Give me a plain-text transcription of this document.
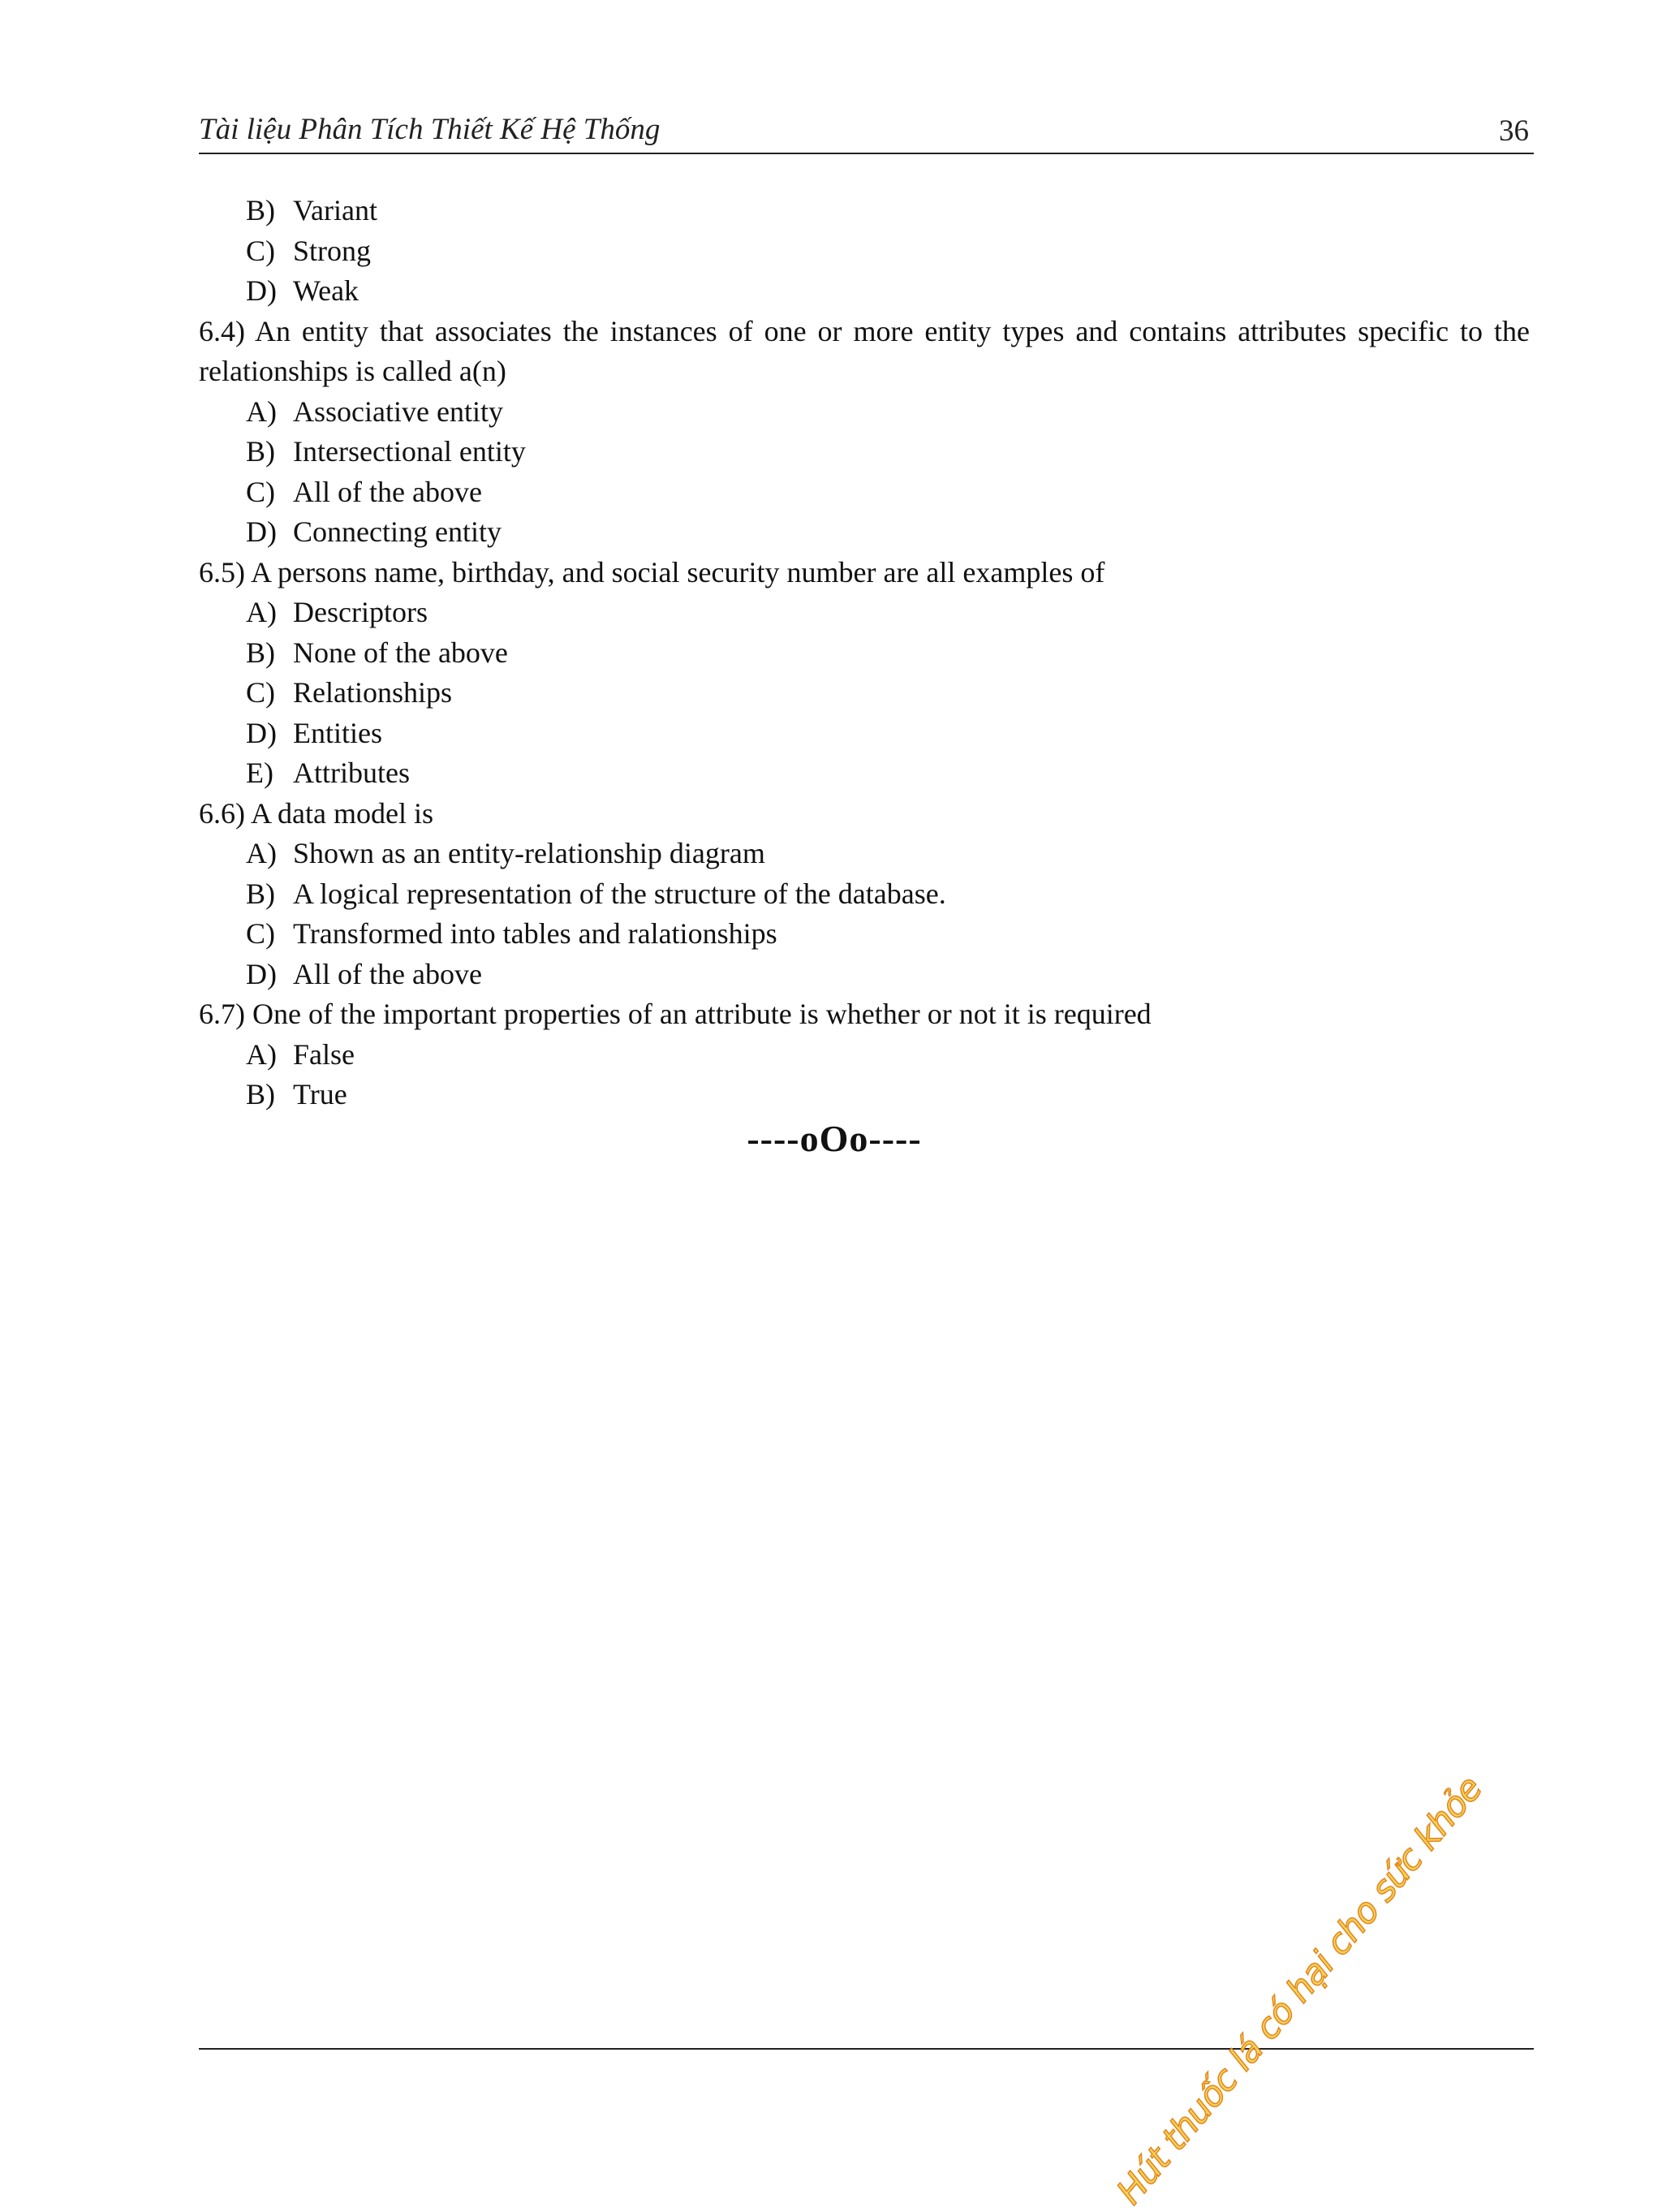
Tài liệu Phân Tích Thiết Kế Hệ Thống	36
B) Variant
C) Strong
D) Weak
6.4) An entity that associates the instances of one or more entity types and contains attributes specific to the relationships is called a(n)
A) Associative entity
B) Intersectional entity
C) All of the above
D) Connecting entity
6.5) A persons name, birthday, and social security number are all examples of
A) Descriptors
B) None of the above
C) Relationships
D) Entities
E) Attributes
6.6) A data model is
A) Shown as an entity-relationship diagram
B) A logical representation of the structure of the database.
C) Transformed into tables and ralationships
D) All of the above
6.7) One of the important properties of an attribute is whether or not it is required
A) False
B) True
----oOo----
Hút thuốc lá có hại cho sức khỏe
